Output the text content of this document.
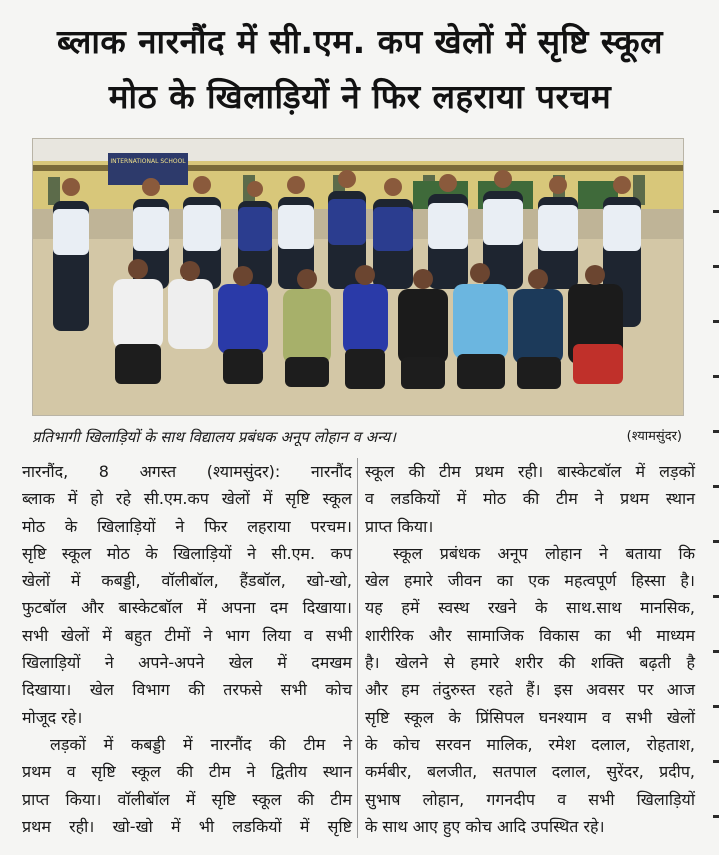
ब्लाक नारनौंद में सी.एम. कप खेलों में सृष्टि स्कूल
मोठ के खिलाड़ियों ने फिर लहराया परचम
INTERNATIONAL SCHOOL
प्रतिभागी खिलाड़ियों के साथ विद्यालय प्रबंधक अनूप लोहान व अन्य।	(श्यामसुंदर)

नारनौंद, 8 अगस्त (श्यामसुंदर): नारनौंद

ब्लाक में हो रहे सी.एम.कप खेलों में सृष्टि स्कूल

मोठ के खिलाड़ियों ने फिर लहराया परचम।

सृष्टि स्कूल मोठ के खिलाड़ियों ने सी.एम. कप

खेलों में कबड्डी, वॉलीबॉल, हैंडबॉल, खो-खो,

फुटबॉल और बास्केटबॉल में अपना दम दिखाया।

सभी खेलों में बहुत टीमों ने भाग लिया व सभी

खिलाड़ियों ने अपने-अपने खेल में दमखम

दिखाया। खेल विभाग की तरफसे सभी कोच

मोजूद रहे।

लड़कों में कबड्डी में नारनौंद की टीम ने

प्रथम व सृष्टि स्कूल की टीम ने द्वितीय स्थान

प्राप्त किया। वॉलीबॉल में सृष्टि स्कूल की टीम

प्रथम रही। खो-खो में भी लडकियों में सृष्टि

स्कूल की टीम प्रथम रही। बास्केटबॉल में लड़कों

व लडकियों में मोठ की टीम ने प्रथम स्थान

प्राप्त किया।

स्कूल प्रबंधक अनूप लोहान ने बताया कि

खेल हमारे जीवन का एक महत्वपूर्ण हिस्सा है।

यह हमें स्वस्थ रखने के साथ.साथ मानसिक,

शारीरिक और सामाजिक विकास का भी माध्यम

है। खेलने से हमारे शरीर की शक्ति बढ़ती है

और हम तंदुरुस्त रहते हैं। इस अवसर पर आज

सृष्टि स्कूल के प्रिंसिपल घनश्याम व सभी खेलों

के कोच सरवन मालिक, रमेश दलाल, रोहताश,

कर्मबीर, बलजीत, सतपाल दलाल, सुरेंदर, प्रदीप,

सुभाष लोहान, गगनदीप व सभी खिलाड़ियों

के साथ आए हुए कोच आदि उपस्थित रहे।
